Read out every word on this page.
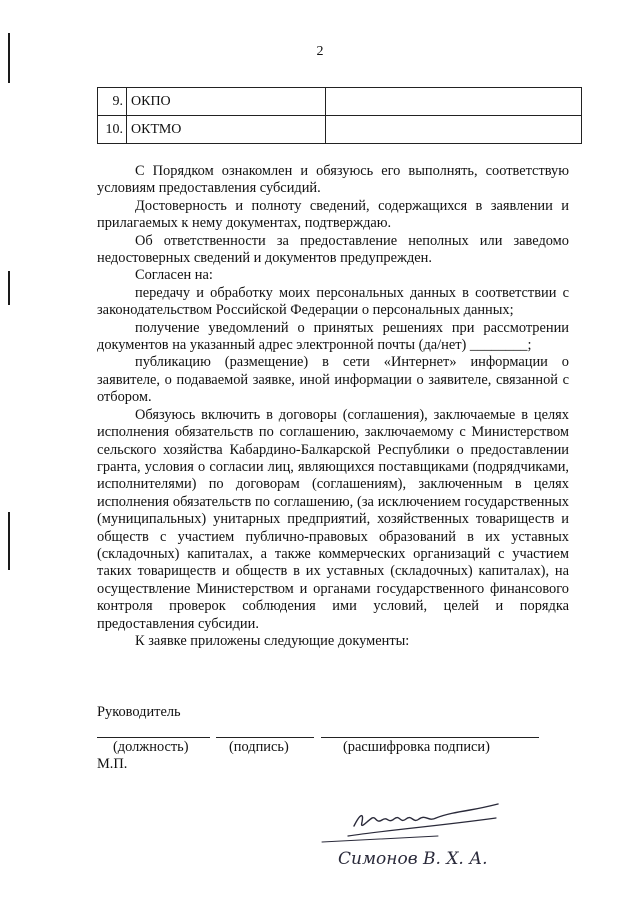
2
9.	ОКПО	
10.	ОКТМО	

С Порядком ознакомлен и обязуюсь его выполнять, соответствую условиям предоставления субсидий.

Достоверность и полноту сведений, содержащихся в заявлении и прилагаемых к нему документах, подтверждаю.

Об ответственности за предоставление неполных или заведомо недостоверных сведений и документов предупрежден.

Согласен на:

передачу и обработку моих персональных данных в соответствии с законодательством Российской Федерации о персональных данных;

получение уведомлений о принятых решениях при рассмотрении документов на указанный адрес электронной почты (да/нет) ________;

публикацию (размещение) в сети «Интернет» информации о заявителе, о подаваемой заявке, иной информации о заявителе, связанной с отбором.

Обязуюсь включить в договоры (соглашения), заключаемые в целях исполнения обязательств по соглашению, заключаемому с Министерством сельского хозяйства Кабардино-Балкарской Республики о предоставлении гранта, условия о согласии лиц, являющихся поставщиками (подрядчиками, исполнителями) по договорам (соглашениям), заключенным в целях исполнения обязательств по соглашению, (за исключением государственных (муниципальных) унитарных предприятий, хозяйственных товариществ и обществ с участием публично-правовых образований в их уставных (складочных) капиталах, а также коммерческих организаций с участием таких товариществ и обществ в их уставных (складочных) капиталах), на осуществление Министерством и органами государственного финансового контроля проверок соблюдения ими условий, целей и порядка предоставления субсидии.

К заявке приложены следующие документы:

Руководитель
(должность)	(подпись)	(расшифровка подписи)
М.П.
Симонов В. Х. А.
